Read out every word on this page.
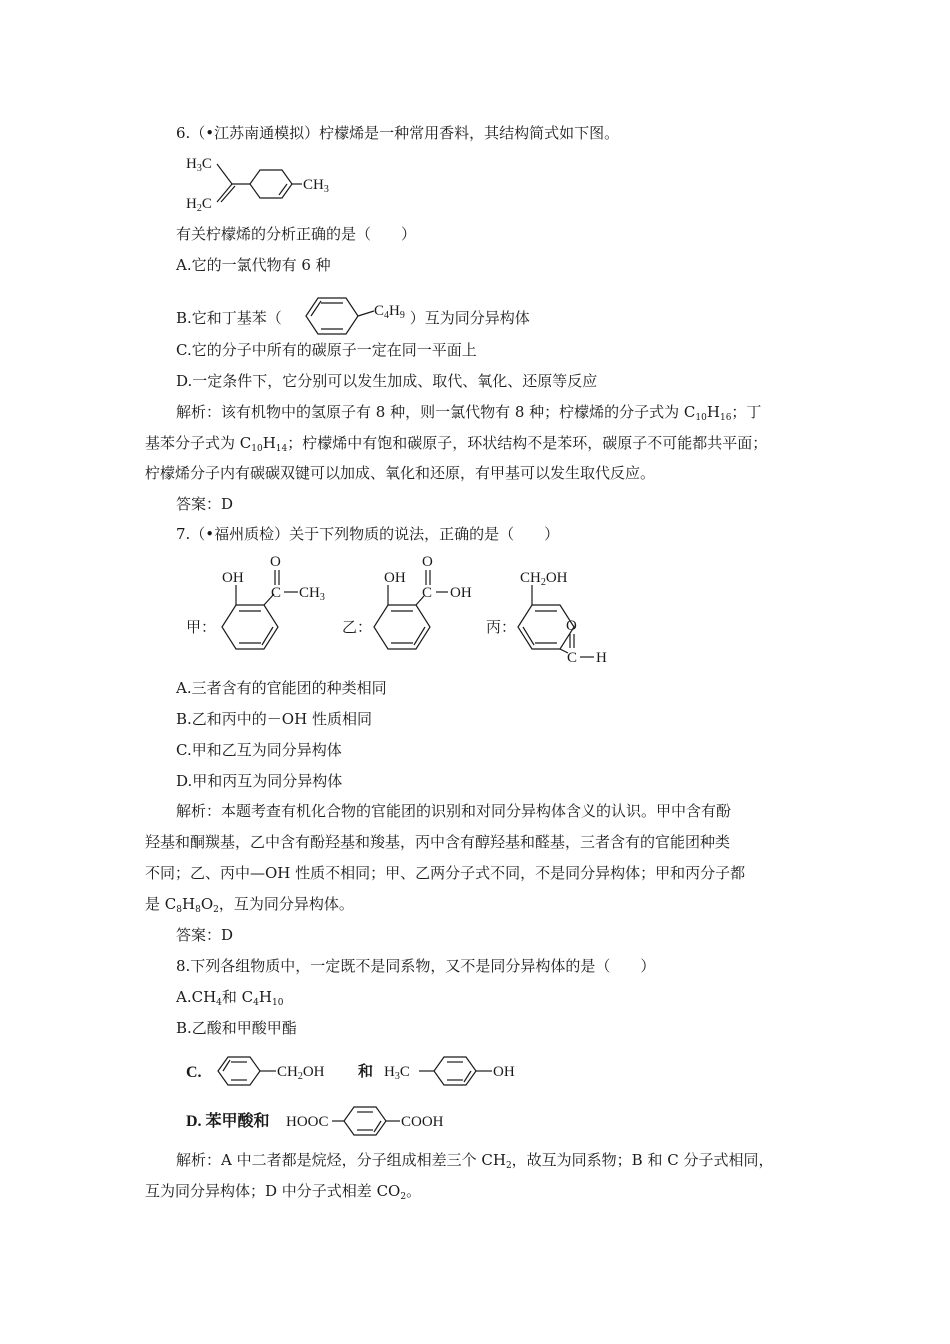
6.（•江苏南通模拟）柠檬烯是一种常用香料，其结构简式如下图。
$H_3C$
$H_2C$
$CH_3$
有关柠檬烯的分析正确的是（　　）
A.它的一氯代物有 6 种
B.它和丁基苯（	）互为同分异构体
$C_4H_9$
C.它的分子中所有的碳原子一定在同一平面上
D.一定条件下，它分别可以发生加成、取代、氧化、还原等反应
解析：该有机物中的氢原子有 8 种，则一氯代物有 8 种；柠檬烯的分子式为 $C_{10}H_{16}$；丁
基苯分子式为 $C_{10}H_{14}$；柠檬烯中有饱和碳原子，环状结构不是苯环，碳原子不可能都共平面；
柠檬烯分子内有碳碳双键可以加成、氧化和还原，有甲基可以发生取代反应。
答案：D
7.（•福州质检）关于下列物质的说法，正确的是（　　）
甲：
OH
C
O
$CH_3$
乙：
OH
C
O
OH
丙：
$CH_2OH$
C
O
H
A.三者含有的官能团的种类相同
B.乙和丙中的－OH 性质相同
C.甲和乙互为同分异构体
D.甲和丙互为同分异构体
解析：本题考查有机化合物的官能团的识别和对同分异构体含义的认识。甲中含有酚
羟基和酮羰基，乙中含有酚羟基和羧基，丙中含有醇羟基和醛基，三者含有的官能团种类
不同；乙、丙中—OH 性质不相同；甲、乙两分子式不同，不是同分异构体；甲和丙分子都
是 $C_8H_8O_2$，互为同分异构体。
答案：D
8.下列各组物质中，一定既不是同系物，又不是同分异构体的是（　　）
$A.CH_4$和 $C_4H_{10}$
B.乙酸和甲酸甲酯
C.	$CH_2OH$ 和 $H_3C$	OH
D. 苯甲酸和 HOOC	COOH
解析：A 中二者都是烷烃，分子组成相差三个 $CH_2$，故互为同系物；B 和 C 分子式相同，
互为同分异构体；D 中分子式相差 $CO_2$。
